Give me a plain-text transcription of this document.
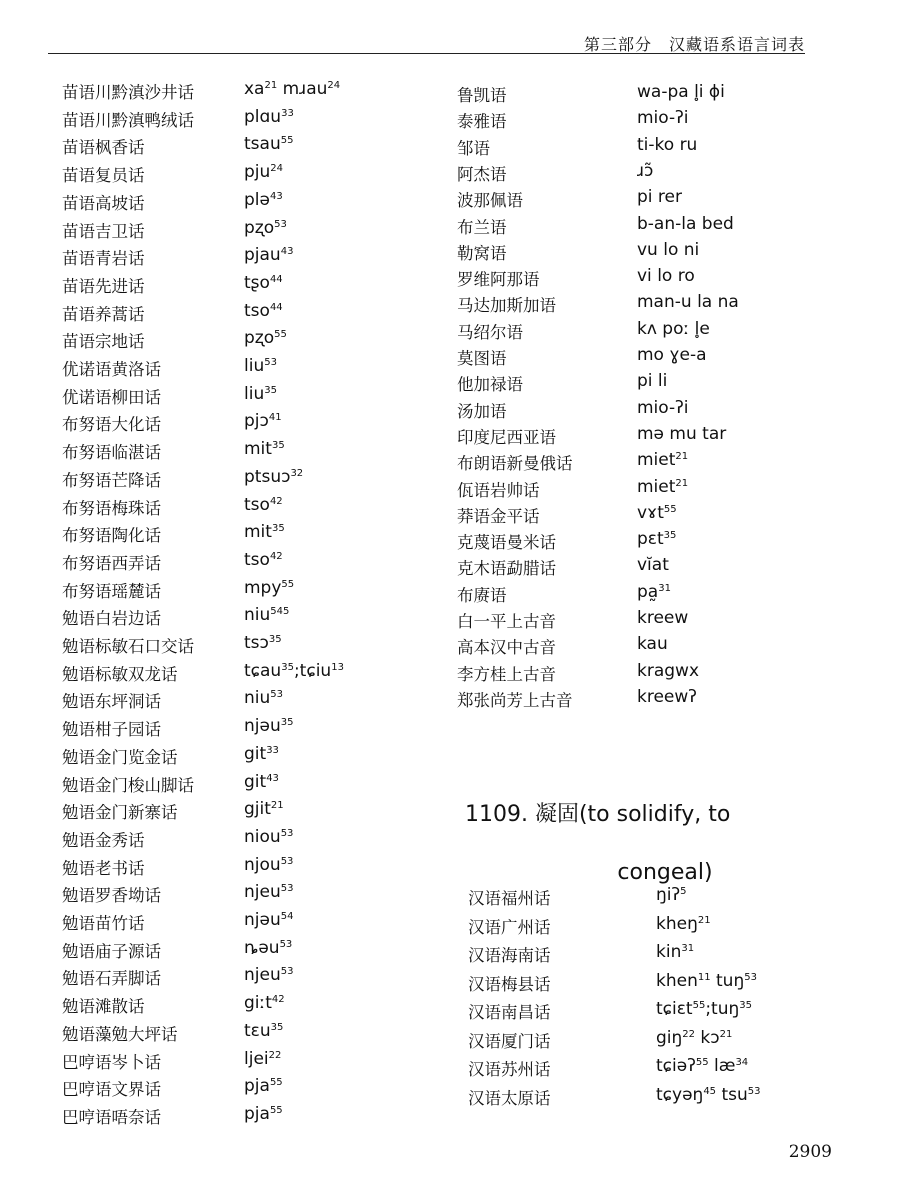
第三部分　汉藏语系语言词表
苗语川黔滇沙井话	$xa^{21}$ mɹau$^{24}$
苗语川黔滇鸭绒话	plɑu$^{33}$
苗语枫香话	tsau$^{55}$
苗语复员话	pju$^{24}$
苗语高坡话	plə$^{43}$
苗语吉卫话	pʐo$^{53}$
苗语青岩话	pjau$^{43}$
苗语先进话	tʂo$^{44}$
苗语养蒿话	tso$^{44}$
苗语宗地话	pʐo$^{55}$
优诺语黄洛话	liu$^{53}$
优诺语柳田话	liu$^{35}$
布努语大化话	pjɔ$^{41}$
布努语临湛话	mit$^{35}$
布努语芒降话	ptsuɔ$^{32}$
布努语梅珠话	tso$^{42}$
布努语陶化话	mit$^{35}$
布努语西弄话	tso$^{42}$
布努语瑶麓话	mpy$^{55}$
勉语白岩边话	niu$^{545}$
勉语标敏石口交话	tsɔ$^{35}$
勉语标敏双龙话	tɕau$^{35}$;tɕiu$^{13}$
勉语东坪洞话	niu$^{53}$
勉语柑子园话	njəu$^{35}$
勉语金门览金话	git$^{33}$
勉语金门梭山脚话	git$^{43}$
勉语金门新寨话	gjit$^{21}$
勉语金秀话	niou$^{53}$
勉语老书话	njou$^{53}$
勉语罗香坳话	njeu$^{53}$
勉语苗竹话	njəu$^{54}$
勉语庙子源话	ȵəu$^{53}$
勉语石弄脚话	njeu$^{53}$
勉语滩散话	giːt$^{42}$
勉语藻勉大坪话	tɛu$^{35}$
巴哼语岑卜话	ljei$^{22}$
巴哼语文界话	pja$^{55}$
巴哼语唔奈话	pja$^{55}$
鲁凯语	wa-pa l̥i ɸi
泰雅语	mio-ʔi
邹语	ti-ko ru
阿杰语	ɹɔ̃
波那佩语	pi rer
布兰语	b-an-la bed
勒窝语	vu lo ni
罗维阿那语	vi lo ro
马达加斯加语	man-u la na
马绍尔语	kʌ poː l̥e
莫图语	mo ɣe-a
他加禄语	pi li
汤加语	mio-ʔi
印度尼西亚语	mə mu tar
布朗语新曼俄话	miet$^{21}$
佤语岩帅话	miet$^{21}$
莽语金平话	vɤt$^{55}$
克蔑语曼米话	pɛt$^{35}$
克木语勐腊话	vĭat
布赓语	pa̰$^{31}$
白一平上古音	kreew
高本汉中古音	kau
李方桂上古音	kragwx
郑张尚芳上古音	kreewʔ
1109. 凝固(to solidify, to
congeal)
汉语福州话	ŋiʔ$^5$
汉语广州话	kheŋ$^{21}$
汉语海南话	kin$^{31}$
汉语梅县话	khen$^{11}$ tuŋ$^{53}$
汉语南昌话	tɕiɛt$^{55}$;tuŋ$^{35}$
汉语厦门话	giŋ$^{22}$ kɔ$^{21}$
汉语苏州话	tɕiəʔ$^{55}$ $læ^{34}$
汉语太原话	tɕyəŋ$^{45}$ tsu$^{53}$
2909
